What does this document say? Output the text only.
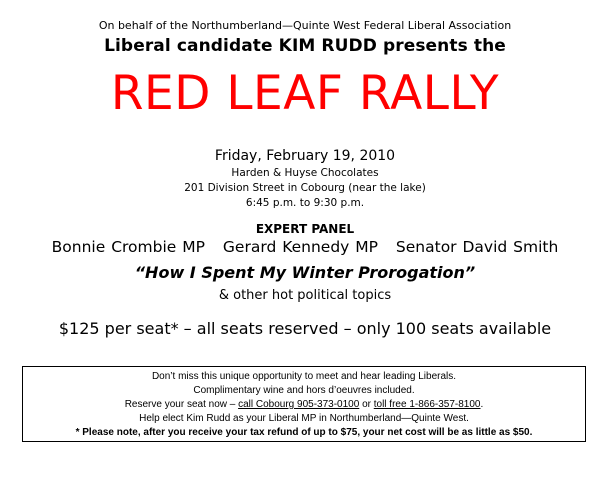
On behalf of the Northumberland—Quinte West Federal Liberal Association
Liberal candidate KIM RUDD presents the
RED LEAF RALLY
Friday, February 19, 2010
Harden & Huyse Chocolates
201 Division Street in Cobourg (near the lake)
6:45 p.m. to 9:30 p.m.
EXPERT PANEL
Bonnie Crombie MP Gerard Kennedy MP Senator David Smith
“How I Spent My Winter Prorogation”
& other hot political topics
$125 per seat* – all seats reserved – only 100 seats available
Don’t miss this unique opportunity to meet and hear leading Liberals.
Complimentary wine and hors d’oeuvres included.
Reserve your seat now – call Cobourg 905-373-0100 or toll free 1-866-357-8100.
Help elect Kim Rudd as your Liberal MP in Northumberland—Quinte West.
* Please note, after you receive your tax refund of up to $75, your net cost will be as little as $50.
